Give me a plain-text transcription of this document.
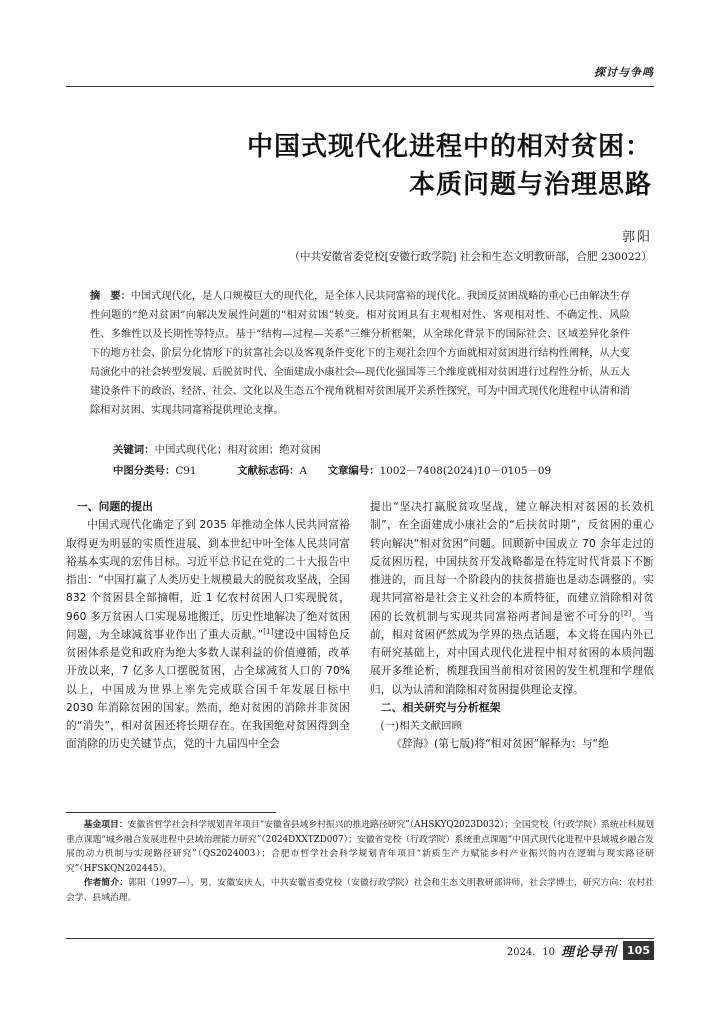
探讨与争鸣
中国式现代化进程中的相对贫困：
本质问题与治理思路
郭阳
（中共安徽省委党校[安徽行政学院] 社会和生态文明教研部，合肥 230022）
摘　要：中国式现代化，是人口规模巨大的现代化，是全体人民共同富裕的现代化。我国反贫困战略的重心已由解决生存性问题的“绝对贫困”向解决发展性问题的“相对贫困”转变。相对贫困具有主观相对性、客观相对性、不确定性、风险性、多维性以及长期性等特点。基于“结构—过程—关系”三维分析框架，从全球化背景下的国际社会、区域差异化条件下的地方社会、阶层分化情形下的贫富社会以及客观条件变化下的主观社会四个方面就相对贫困进行结构性阐释，从大变局演化中的社会转型发展、后脱贫时代、全面建成小康社会—现代化强国等三个维度就相对贫困进行过程性分析，从五大建设条件下的政治、经济、社会、文化以及生态五个视角就相对贫困展开关系性探究，可为中国式现代化进程中认清和消除相对贫困、实现共同富裕提供理论支撑。
关键词：中国式现代化；相对贫困；绝对贫困
中图分类号：C91	文献标志码：A 文章编号：1002－7408(2024)10－0105－09
一、问题的提出

中国式现代化确定了到 2035 年推动全体人民共同富裕取得更为明显的实质性进展、到本世纪中叶全体人民共同富裕基本实现的宏伟目标。习近平总书记在党的二十大报告中指出：“中国打赢了人类历史上规模最大的脱贫攻坚战，全国 832 个贫困县全部摘帽，近 1 亿农村贫困人口实现脱贫，960 多万贫困人口实现易地搬迁，历史性地解决了绝对贫困问题，为全球减贫事业作出了重大贡献。”[1]建设中国特色反贫困体系是党和政府为绝大多数人谋利益的价值遵循，改革开放以来，7 亿多人口摆脱贫困，占全球减贫人口的 70% 以上，中国成为世界上率先完成联合国千年发展目标中 2030 年消除贫困的国家。然而，绝对贫困的消除并非贫困的“消失”，相对贫困还将长期存在。在我国绝对贫困得到全面消除的历史关键节点，党的十九届四中全会

提出“坚决打赢脱贫攻坚战，建立解决相对贫困的长效机制”，在全面建成小康社会的“后扶贫时期”，反贫困的重心转向解决“相对贫困”问题。回顾新中国成立 70 余年走过的反贫困历程，中国扶贫开发战略都是在特定时代背景下不断推进的，而且每一个阶段内的扶贫措施也是动态调整的。实现共同富裕是社会主义社会的本质特征，而建立消除相对贫困的长效机制与实现共同富裕两者间是密不可分的[2]。当前，相对贫困俨然成为学界的热点话题，本文将在国内外已有研究基础上，对中国式现代化进程中相对贫困的本质问题展开多维论析，梳理我国当前相对贫困的发生机理和学理依归，以为认清和消除相对贫困提供理论支撑。

二、相关研究与分析框架
(一)相关文献回顾

《辞海》(第七版)将“相对贫困”解释为：与“绝

基金项目：安徽省哲学社会科学规划青年项目“安徽省县域乡村振兴的推进路径研究”（AHSKYQ2023D032）；全国党校（行政学院）系统社科规划重点课题“城乡融合发展进程中县域治理能力研究”（2024DXXTZD007）；安徽省党校（行政学院）系统重点课题“中国式现代化进程中县域城乡融合发展的动力机制与实现路径研究”（QS2024003）；合肥市哲学社会科学规划青年项目“新质生产力赋能乡村产业振兴的内在逻辑与现实路径研究”（HFSKQN202445）。

作者简介：郭阳（1997—），男，安徽安庆人，中共安徽省委党校（安徽行政学院）社会和生态文明教研部讲师，社会学博士，研究方向：农村社会学、县域治理。

2024．10 理论导刊 105
